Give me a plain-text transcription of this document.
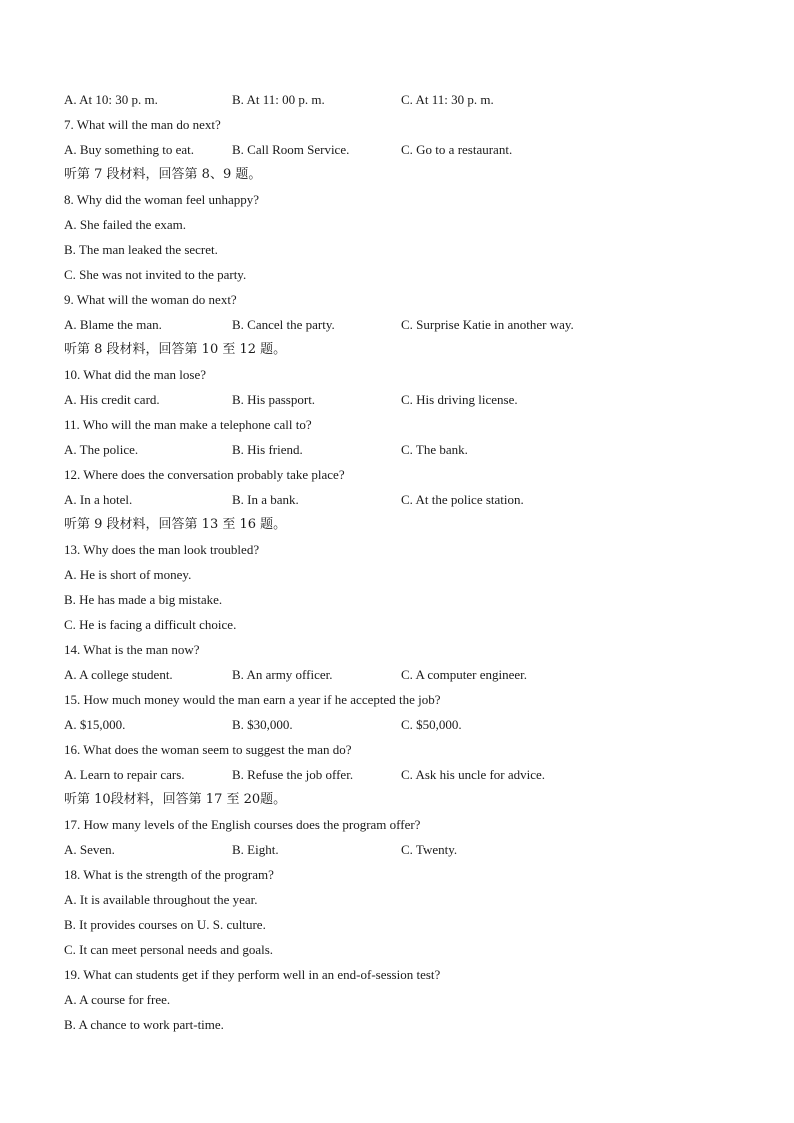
A. At 10: 30 p. m.	B. At 11: 00 p. m.	C. At 11: 30 p. m.
7. What will the man do next?
A. Buy something to eat.	B. Call Room Service.	C. Go to a restaurant.
听第 7 段材料，回答第 8、9 题。
8. Why did the woman feel unhappy?
A. She failed the exam.
B. The man leaked the secret.
C. She was not invited to the party.
9. What will the woman do next?
A. Blame the man.	B. Cancel the party.	C. Surprise Katie in another way.
听第 8 段材料，回答第 10 至 12 题。
10. What did the man lose?
A. His credit card.	B. His passport.	C. His driving license.
11. Who will the man make a telephone call to?
A. The police.	B. His friend.	C. The bank.
12. Where does the conversation probably take place?
A. In a hotel.	B. In a bank.	C. At the police station.
听第 9 段材料，回答第 13 至 16 题。
13. Why does the man look troubled?
A. He is short of money.
B. He has made a big mistake.
C. He is facing a difficult choice.
14. What is the man now?
A. A college student.	B. An army officer.	C. A computer engineer.
15. How much money would the man earn a year if he accepted the job?
A. $15,000.	B. $30,000.	C. $50,000.
16. What does the woman seem to suggest the man do?
A. Learn to repair cars.	B. Refuse the job offer.	C. Ask his uncle for advice.
听第 10段材料，回答第 17 至 20题。
17. How many levels of the English courses does the program offer?
A. Seven.	B. Eight.	C. Twenty.
18. What is the strength of the program?
A. It is available throughout the year.
B. It provides courses on U. S. culture.
C. It can meet personal needs and goals.
19. What can students get if they perform well in an end-of-session test?
A. A course for free.
B. A chance to work part-time.
